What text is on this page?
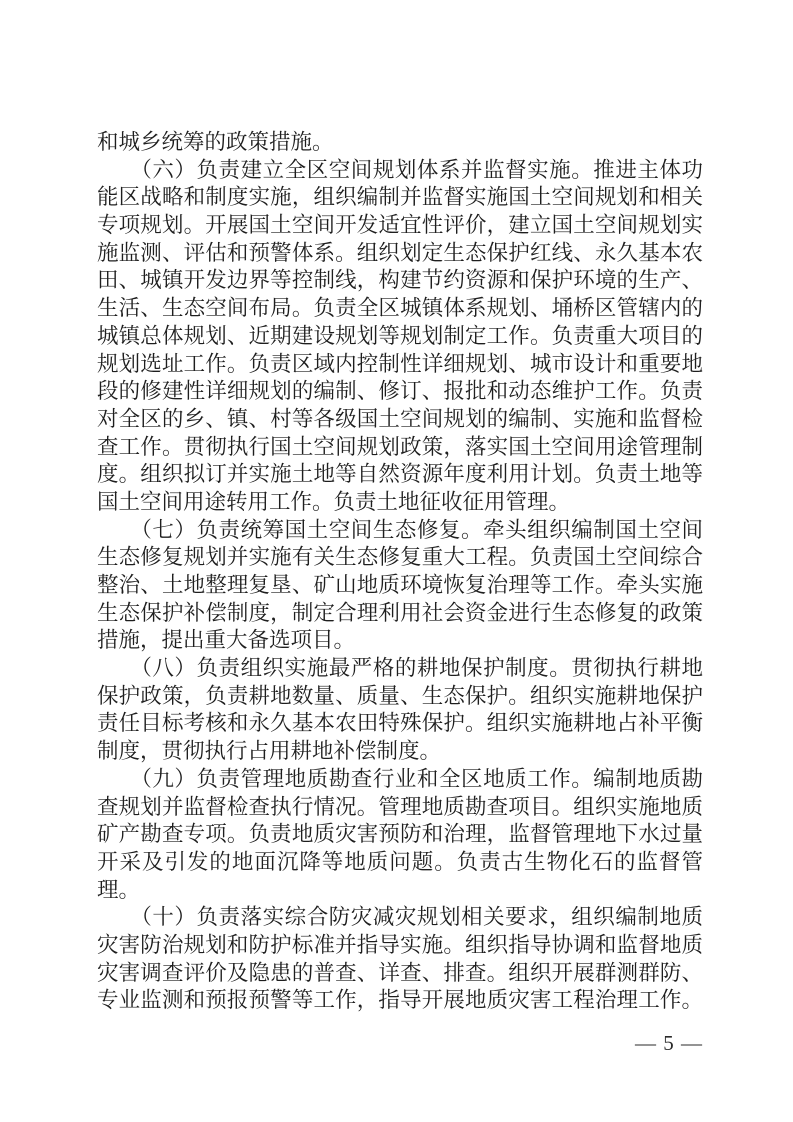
和城乡统筹的政策措施。
　　（六）负责建立全区空间规划体系并监督实施。推进主体功
能区战略和制度实施，组织编制并监督实施国土空间规划和相关
专项规划。开展国土空间开发适宜性评价，建立国土空间规划实
施监测、评估和预警体系。组织划定生态保护红线、永久基本农
田、城镇开发边界等控制线，构建节约资源和保护环境的生产、
生活、生态空间布局。负责全区城镇体系规划、埇桥区管辖内的
城镇总体规划、近期建设规划等规划制定工作。负责重大项目的
规划选址工作。负责区域内控制性详细规划、城市设计和重要地
段的修建性详细规划的编制、修订、报批和动态维护工作。负责
对全区的乡、镇、村等各级国土空间规划的编制、实施和监督检
查工作。贯彻执行国土空间规划政策，落实国土空间用途管理制
度。组织拟订并实施土地等自然资源年度利用计划。负责土地等
国土空间用途转用工作。负责土地征收征用管理。
　　（七）负责统筹国土空间生态修复。牵头组织编制国土空间
生态修复规划并实施有关生态修复重大工程。负责国土空间综合
整治、土地整理复垦、矿山地质环境恢复治理等工作。牵头实施
生态保护补偿制度，制定合理利用社会资金进行生态修复的政策
措施，提出重大备选项目。
　　（八）负责组织实施最严格的耕地保护制度。贯彻执行耕地
保护政策，负责耕地数量、质量、生态保护。组织实施耕地保护
责任目标考核和永久基本农田特殊保护。组织实施耕地占补平衡
制度，贯彻执行占用耕地补偿制度。
　　（九）负责管理地质勘查行业和全区地质工作。编制地质勘
查规划并监督检查执行情况。管理地质勘查项目。组织实施地质
矿产勘查专项。负责地质灾害预防和治理，监督管理地下水过量
开采及引发的地面沉降等地质问题。负责古生物化石的监督管
理。
　　（十）负责落实综合防灾减灾规划相关要求，组织编制地质
灾害防治规划和防护标准并指导实施。组织指导协调和监督地质
灾害调查评价及隐患的普查、详查、排查。组织开展群测群防、
专业监测和预报预警等工作，指导开展地质灾害工程治理工作。
— 5 —
